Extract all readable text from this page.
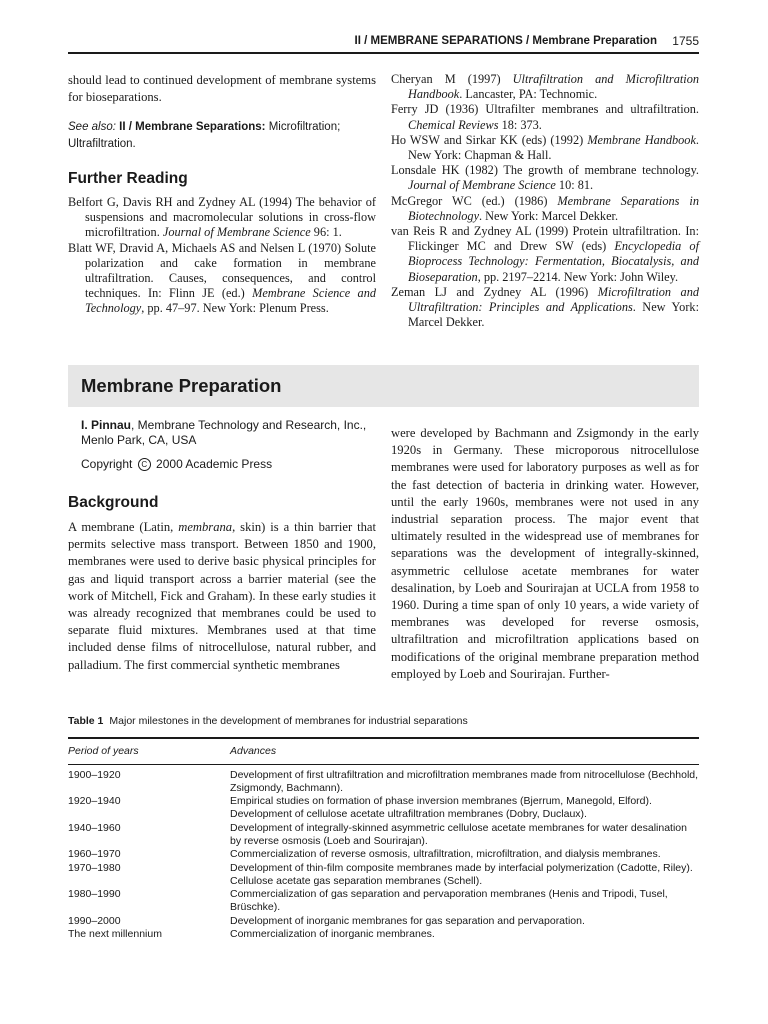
II / MEMBRANE SEPARATIONS / Membrane Preparation 1755

should lead to continued development of membrane systems for bioseparations.

See also: II / Membrane Separations: Microfiltration; Ultrafiltration.

Further Reading

Belfort G, Davis RH and Zydney AL (1994) The behavior of suspensions and macromolecular solutions in cross-flow microfiltration. Journal of Membrane Science 96: 1.

Blatt WF, Dravid A, Michaels AS and Nelsen L (1970) Solute polarization and cake formation in membrane ultrafiltration. Causes, consequences, and control techniques. In: Flinn JE (ed.) Membrane Science and Technology, pp. 47–97. New York: Plenum Press.

Cheryan M (1997) Ultrafiltration and Microfiltration Handbook. Lancaster, PA: Technomic.

Ferry JD (1936) Ultrafilter membranes and ultrafiltration. Chemical Reviews 18: 373.

Ho WSW and Sirkar KK (eds) (1992) Membrane Handbook. New York: Chapman & Hall.

Lonsdale HK (1982) The growth of membrane technology. Journal of Membrane Science 10: 81.

McGregor WC (ed.) (1986) Membrane Separations in Biotechnology. New York: Marcel Dekker.

van Reis R and Zydney AL (1999) Protein ultrafiltration. In: Flickinger MC and Drew SW (eds) Encyclopedia of Bioprocess Technology: Fermentation, Biocatalysis, and Bioseparation, pp. 2197–2214. New York: John Wiley.

Zeman LJ and Zydney AL (1996) Microfiltration and Ultrafiltration: Principles and Applications. New York: Marcel Dekker.

Membrane Preparation
I. Pinnau, Membrane Technology and Research, Inc., Menlo Park, CA, USA
Copyright C 2000 Academic Press
Background

A membrane (Latin, membrana, skin) is a thin barrier that permits selective mass transport. Between 1850 and 1900, membranes were used to derive basic physical principles for gas and liquid transport across a barrier material (see the work of Mitchell, Fick and Graham). In these early studies it was already recognized that membranes could be used to separate fluid mixtures. Membranes used at that time included dense films of nitrocellulose, natural rubber, and palladium. The first commercial synthetic membranes

were developed by Bachmann and Zsigmondy in the early 1920s in Germany. These microporous nitrocellulose membranes were used for laboratory purposes as well as for the fast detection of bacteria in drinking water. However, until the early 1960s, membranes were not used in any industrial separation process. The major event that ultimately resulted in the widespread use of membranes for separations was the development of integrally-skinned, asymmetric cellulose acetate membranes for water desalination, by Loeb and Sourirajan at UCLA from 1958 to 1960. During a time span of only 10 years, a wide variety of membranes was developed for reverse osmosis, ultrafiltration and microfiltration applications based on modifications of the original membrane preparation method employed by Loeb and Sourirajan. Further-

Table 1 Major milestones in the development of membranes for industrial separations

Period of years	Advances
1900–1920	Development of first ultrafiltration and microfiltration membranes made from nitrocellulose (Bechhold, Zsigmondy, Bachmann).
1920–1940	Empirical studies on formation of phase inversion membranes (Bjerrum, Manegold, Elford). Development of cellulose acetate ultrafiltration membranes (Dobry, Duclaux).
1940–1960	Development of integrally-skinned asymmetric cellulose acetate membranes for water desalination by reverse osmosis (Loeb and Sourirajan).
1960–1970	Commercialization of reverse osmosis, ultrafiltration, microfiltration, and dialysis membranes.
1970–1980	Development of thin-film composite membranes made by interfacial polymerization (Cadotte, Riley). Cellulose acetate gas separation membranes (Schell).
1980–1990	Commercialization of gas separation and pervaporation membranes (Henis and Tripodi, Tusel, Brüschke).
1990–2000	Development of inorganic membranes for gas separation and pervaporation.
The next millennium	Commercialization of inorganic membranes.
